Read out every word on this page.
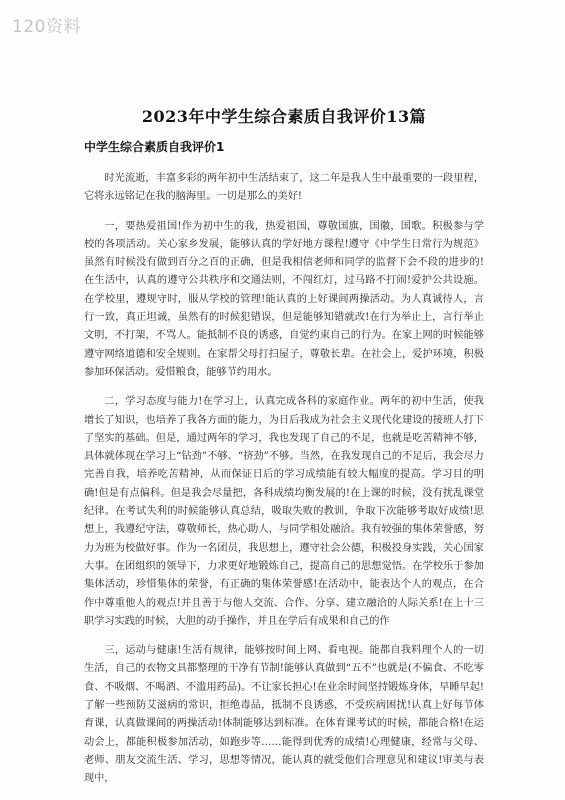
120资料
2023年中学生综合素质自我评价13篇
中学生综合素质自我评价1

时光流逝，丰富多彩的两年初中生活结束了，这二年是我人生中最重要的一段里程，它将永远铭记在我的脑海里。一切是那么的美好!

一，要热爱祖国!作为初中生的我，热爱祖国，尊敬国旗，国徽，国歌。积极参与学校的各项活动。关心家乡发展，能够认真的学好地方课程!遵守《中学生日常行为规范》虽然有时候没有做到百分之百的正确，但是我相信老师和同学的监督下会不段的进步的!在生活中，认真的遵守公共秩序和交通法则，不闯红灯，过马路不打闹!爱护公共设施。在学校里，遵规守时，服从学校的管理!能认真的上好课间两操活动。为人真诚待人，言行一致，真正坦诚，虽然有的时候犯错误，但是能够知错就改!在行为举止上，言行举止文明，不打架，不骂人。能抵制不良的诱惑，自觉约束自己的行为。在家上网的时候能够遵守网络道德和安全规则。在家帮父母打扫屋子，尊敬长辈。在社会上，爱护环境，积极参加环保活动。爱惜粮食，能够节约用水。

二，学习态度与能力!在学习上，认真完成各科的家庭作业。两年的初中生活，使我增长了知识，也培养了我各方面的能力，为日后我成为社会主义现代化建设的接班人打下了坚实的基础。但是，通过两年的学习，我也发现了自己的不足，也就是吃苦精神不够，具体就体现在学习上“钻劲”不够、“挤劲”不够。当然，在我发现自己的不足后，我会尽力完善自我，培养吃苦精神，从而保证日后的学习成绩能有较大幅度的提高。学习目的明确!但是有点偏科。但是我会尽量把，各科成绩均衡发展的!在上课的时候，没有扰乱课堂纪律。在考试失利的时候能够认真总结，吸取失败的教训，争取下次能够考取好成绩!思想上，我遵纪守法，尊敬师长，热心助人，与同学相处融洽。我有较强的集体荣誉感，努力为班为校做好事。作为一名团员，我思想上，遵守社会公德，积极投身实践，关心国家大事。在团组织的领导下，力求更好地锻炼自己，提高自己的思想觉悟。在学校乐于参加集体活动，珍惜集体的荣誉，有正确的集体荣誉感!在活动中，能表达个人的观点，在合作中尊重他人的观点!并且善于与他人交流、合作、分享、建立融洽的人际关系!在上十三职学习实践的时候，大胆的动手操作，并且在学后有成果和自己的作

三，运动与健康!生活有规律，能够按时间上网、看电视。能都自我料理个人的一切生活，自己的衣物文具都整理的干净有节制!能够认真做到“五不”也就是(不偏食、不吃零食、不吸烟、不喝酒、不滥用药品)。不让家长担心!在业余时间坚持锻炼身体，早睡早起!了解一些预防艾滋病的常识，拒绝毒品，抵制不良诱惑，不受疾病困扰!认真上好每节体育课，认真做课间的两操活动!体制能够达到标准。在体育课考试的时候，都能合格!在运动会上，都能积极参加活动，如跑步等……能得到优秀的成绩!心理健康，经常与父母、老师、朋友交流生活、学习，思想等情况，能认真的就受他们合理意见和建议!审美与表现中，
